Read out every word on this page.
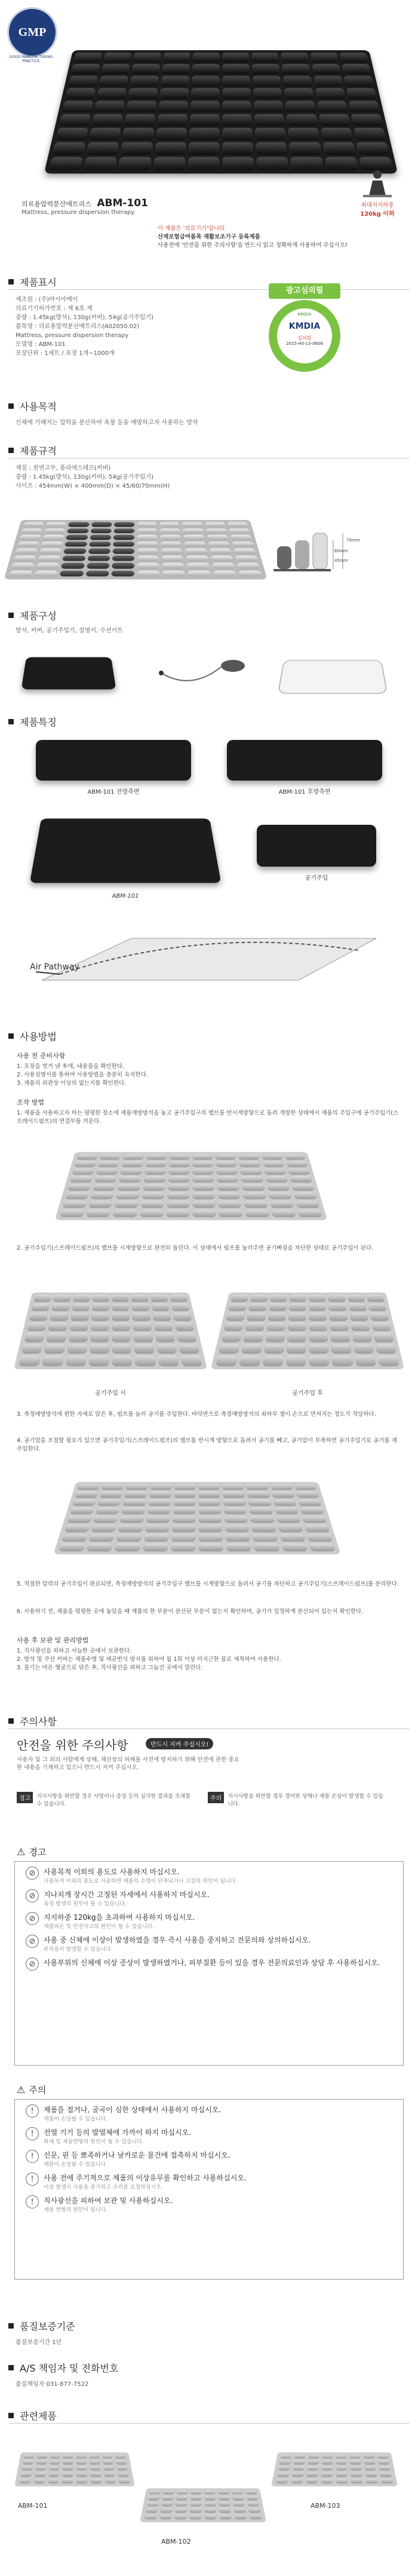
GMP
GOOD MANUFACTURING PRACTICE
의료용압력분산매트리스 ABM-101
Mattress, pressure dispersion therapy
최대지지하중
120kg 이하
이 제품은 '의료기기'입니다.
산재보험급여품목 재활보조기구 등록제품
사용전에 '안전을 위한 주의사항'을 반드시 읽고 정확하게 사용하여 주십시오!
제품표시
제조원 : (주)마시아메이
의료기기허가번호 : 제 6호 제
중량 : 1.45kg(방석), 130g(커버), 54g(공기주입기)
품목명 : 의료용압력분산매트리스(A02050.02)
Mattress, pressure dispersion therapy
모델명 : ABM-101
포장단위 : 1세트 / 포장 1개~1000개
광고심의필
KMDIA
KMDIA
심의필
2015-H0-13-0606
사용목적
신체에 가해지는 압력을 분산하여 욕창 등을 예방하고자 사용하는 방석
제품규격
재질 : 천연고무, 폴리에스테르(커버)
중량 : 1.45kg(방석), 130g(커버), 54g(공기주입기)
사이즈 : 454mm(W) × 400mm(D) × 45/60/70mm(H)
45mm
60mm
70mm
제품구성
방석, 커버, 공기주입기, 설명서, 수선키트
제품특징
ABM-101 전방측면	ABM-101 후방측면
ABM-101
공기주입
Air Pathway
사용방법
사용 전 준비사항
1. 포장을 벗겨 낸 후에, 내용물을 확인한다.
2. 사용설명서를 통하여 사용방법을 충분히 숙지한다.
3. 제품의 외관상 이상의 없는지를 확인한다.
조작 방법
1. 제품을 사용하고자 하는 평평한 장소에 제품재방방석을 놓고 공기주입구의 밸브를 반시계방향으로 돌려 개방한 상태에서 제품의 주입구에 공기주입기(스프레이드펌프)의 연결부를 끼운다.
2. 공기주입기(스프레이드펌프)의 벨브를 시계방향으로 완전히 돌린다. 이 상태에서 펌프를 눌러주면 공기빠짐을 차단한 상태로 공기주입이 된다.
공기주입 시	공기주입 후
3. 측정매방방석에 편한 자세로 앉은 후, 펌프를 눌러 공기를 주입한다. 바닥면으로 측정매방방석의 최하부 셀이 손으로 만져지는 정도가 적당하다.
4. 공기압을 조절할 필요가 있으면 공기주입기(스프레이드펌프)의 밸브를 반시계 방향으로 돌려서 공기를 빼고, 공기압이 부족하면 공기주입기로 공기를 재주입한다.
5. 적절한 압력의 공기주입이 완료되면, 측정매방방석의 공기주입구 밸브를 시계방향으로 돌려서 공기를 차단하고 공기주입기(스프레이드펌프)를 분리한다.
6. 사용하기 전, 제품을 평평한 곳에 놓았을 때 제품의 한 부분이 분산된 부분이 없는지 확인하며, 공기가 일정하게 분산되어 있는지 확인한다.
사용 후 보관 및 관리방법
1. 직사광선을 피하고 서늘한 곳에서 보관한다.
2. 방석 및 쿠션 커버는 제품수명 및 세균번식 방지를 위하여 월 1회 이상 미지근한 물로 세척하여 사용한다.
3. 물기는 마른 행굴으로 닦은 후, 직사광선을 피하고 그늘진 곳에서 말린다.
주의사항
안전을 위한 주의사항	반드시 지켜 주십시오!
사용자 및 그 외의 사람에게 상해, 재산상의 피해를 사전에 방지하기 위해 안전에 관한 중요한 내용을 기재하고 있으니 반드시 지켜 주십시오.
경고	지시사항을 위반할 경우 사망이나 중상 등의 심각한 결과를 초래할 수 있습니다.
주의	지시사항을 위반할 경우 경미한 상해나 제품 손상이 발생할 수 있습니다.
⚠ 경고
⊘	사용목적 이외의 용도로 사용하지 마십시오.
사용목적 이외의 용도로 사용하면 제품의 수명이 단축되거나 고장의 원인이 됩니다.
⊘	지나치게 장시간 고정된 자세에서 사용하지 마십시오.
욕창 발생의 원인이 될 수 있습니다.
⊘	지지하중 120kg을 초과하여 사용하지 마십시오.
제품파손 및 안전사고의 원인이 될 수 있습니다.
⊘	사용 중 신체에 이상이 발생하였을 경우 즉시 사용을 중지하고 전문의와 상의하십시오.
부작용이 발생할 수 있습니다.
⊘	사용부위의 신체에 이상 증상이 발생하였거나, 피부질환 등이 있을 경우 전문의료인과 상담 후 사용하십시오.
⚠ 주의
!	제품을 접거나, 굴곡이 심한 상태에서 사용하지 마십시오.
제품이 손상될 수 있습니다.
!	전열 기기 등의 발열체에 가까이 하지 마십시오.
화재 및 제품변형의 원인이 될 수 있습니다.
!	신문, 핀 등 뾰족하거나 날카로운 물건에 접촉하지 마십시오.
제품이 손상될 수 있습니다.
!	사용 전에 주기적으로 제품의 이상유무를 확인하고 사용하십시오.
이상 발생시 사용을 중지하고 수리를 요청하십시오.
!	직사광선을 피하여 보관 및 사용하십시오.
제품 변형의 원인이 됩니다.
품질보증기준
품질보증기간 1년
A/S 책임자 및 전화번호
품질책임자 031-877-7522
관련제품
ABM-101
ABM-102
ABM-103
